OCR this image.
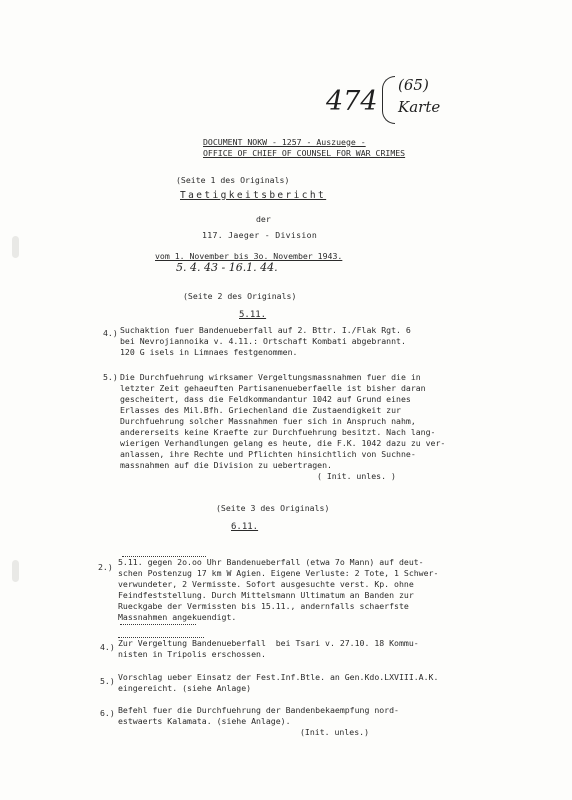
474
(65)
Karte
DOCUMENT NOKW - 1257 - Auszuege -
OFFICE OF CHIEF OF COUNSEL FOR WAR CRIMES
(Seite 1 des Originals)
Taetigkeitsbericht
der
117. Jaeger - Division
vom 1. November bis 3o. November 1943.
5. 4. 43 - 16.1. 44.
(Seite 2 des Originals)
5.11.
4.) Suchaktion fuer Bandenueberfall auf 2. Bttr. I./Flak Rgt. 6
bei Nevrojiannoika v. 4.11.: Ortschaft Kombati abgebrannt.
120 G isels in Limnaes festgenommen.
5.) Die Durchfuehrung wirksamer Vergeltungsmassnahmen fuer die in
letzter Zeit gehaeuften Partisanenueberfaelle ist bisher daran
gescheitert, dass die Feldkommandantur 1042 auf Grund eines
Erlasses des Mil.Bfh. Griechenland die Zustaendigkeit zur
Durchfuehrung solcher Massnahmen fuer sich in Anspruch nahm,
andererseits keine Kraefte zur Durchfuehrung besitzt. Nach lang-
wierigen Verhandlungen gelang es heute, die F.K. 1042 dazu zu ver-
anlassen, ihre Rechte und Pflichten hinsichtlich von Suchne-
massnahmen auf die Division zu uebertragen.
( Init. unles. )
(Seite 3 des Originals)
6.11.
2.) 5.11. gegen 2o.oo Uhr Bandenueberfall (etwa 7o Mann) auf deut-
schen Postenzug 17 km W Agien. Eigene Verluste: 2 Tote, 1 Schwer-
verwundeter, 2 Vermisste. Sofort ausgesuchte verst. Kp. ohne
Feindfeststellung. Durch Mittelsmann Ultimatum an Banden zur
Rueckgabe der Vermissten bis 15.11., andernfalls schaerfste
Massnahmen angekuendigt.
4.) Zur Vergeltung Bandenueberfall  bei Tsari v. 27.10. 18 Kommu-
nisten in Tripolis erschossen.
5.) Vorschlag ueber Einsatz der Fest.Inf.Btle. an Gen.Kdo.LXVIII.A.K.
eingereicht. (siehe Anlage)
6.) Befehl fuer die Durchfuehrung der Bandenbekaempfung nord-
estwaerts Kalamata. (siehe Anlage).
(Init. unles.)
